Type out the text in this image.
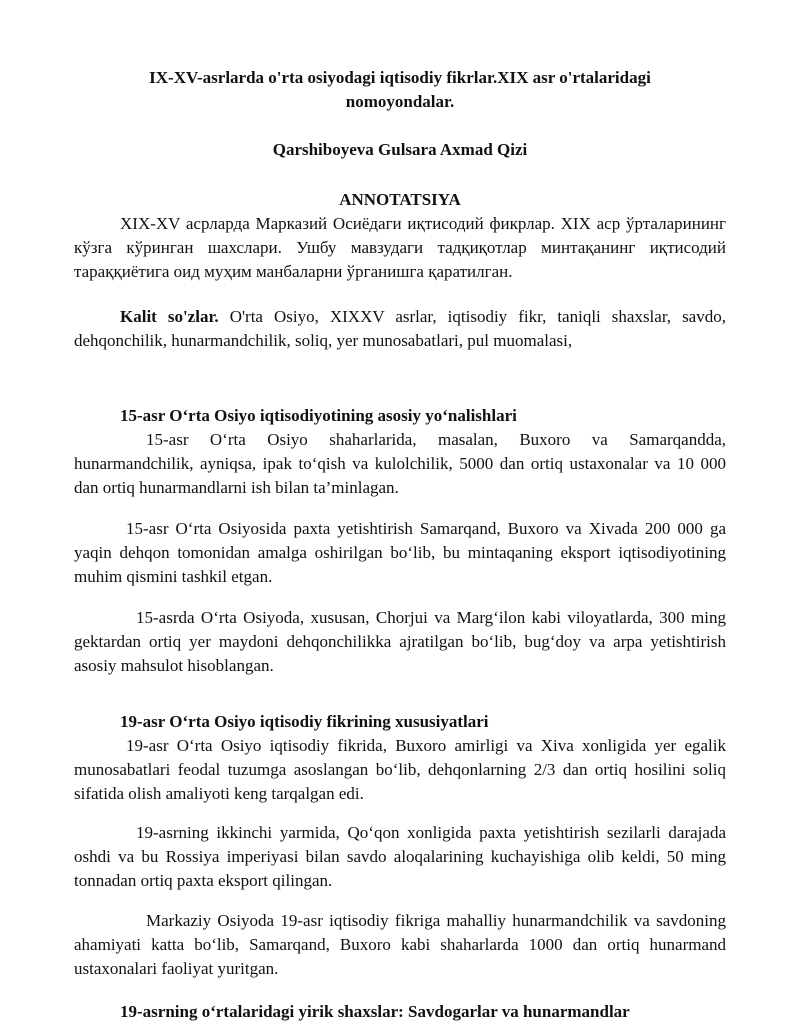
IX-XV-asrlarda o'rta osiyodagi iqtisodiy fikrlar.XIX asr o'rtalaridagi
nomoyondalar.
Qarshiboyeva Gulsara Axmad Qizi
ANNOTATSIYA
XIX-XV асрларда Марказий Осиёдаги иқтисодий фикрлар. XIX аср ўрталарининг кўзга кўринган шахслари. Ушбу мавзудаги тадқиқотлар минтақанинг иқтисодий тараққиётига оид муҳим манбаларни ўрганишга қаратилган.
Kalit so'zlar. O'rta Osiyo, XIXXV asrlar, iqtisodiy fikr, taniqli shaxslar, savdo, dehqonchilik, hunarmandchilik, soliq, yer munosabatlari, pul muomalasi,
15-asr O‘rta Osiyo iqtisodiyotining asosiy yo‘nalishlari
15-asr O‘rta Osiyo shaharlarida, masalan, Buxoro va Samarqandda, hunarmandchilik, ayniqsa, ipak to‘qish va kulolchilik, 5000 dan ortiq ustaxonalar va 10 000 dan ortiq hunarmandlarni ish bilan ta’minlagan.
15-asr O‘rta Osiyosida paxta yetishtirish Samarqand, Buxoro va Xivada 200 000 ga yaqin dehqon tomonidan amalga oshirilgan bo‘lib, bu mintaqaning eksport iqtisodiyotining muhim qismini tashkil etgan.
15-asrda O‘rta Osiyoda, xususan, Chorjui va Marg‘ilon kabi viloyatlarda, 300 ming gektardan ortiq yer maydoni dehqonchilikka ajratilgan bo‘lib, bug‘doy va arpa yetishtirish asosiy mahsulot hisoblangan.
19-asr O‘rta Osiyo iqtisodiy fikrining xususiyatlari
19-asr O‘rta Osiyo iqtisodiy fikrida, Buxoro amirligi va Xiva xonligida yer egalik munosabatlari feodal tuzumga asoslangan bo‘lib, dehqonlarning 2/3 dan ortiq hosilini soliq sifatida olish amaliyoti keng tarqalgan edi.
19-asrning ikkinchi yarmida, Qo‘qon xonligida paxta yetishtirish sezilarli darajada oshdi va bu Rossiya imperiyasi bilan savdo aloqalarining kuchayishiga olib keldi, 50 ming tonnadan ortiq paxta eksport qilingan.
Markaziy Osiyoda 19-asr iqtisodiy fikriga mahalliy hunarmandchilik va savdoning ahamiyati katta bo‘lib, Samarqand, Buxoro kabi shaharlarda 1000 dan ortiq hunarmand ustaxonalari faoliyat yuritgan.
19-asrning o‘rtalaridagi yirik shaxslar: Savdogarlar va hunarmandlar
